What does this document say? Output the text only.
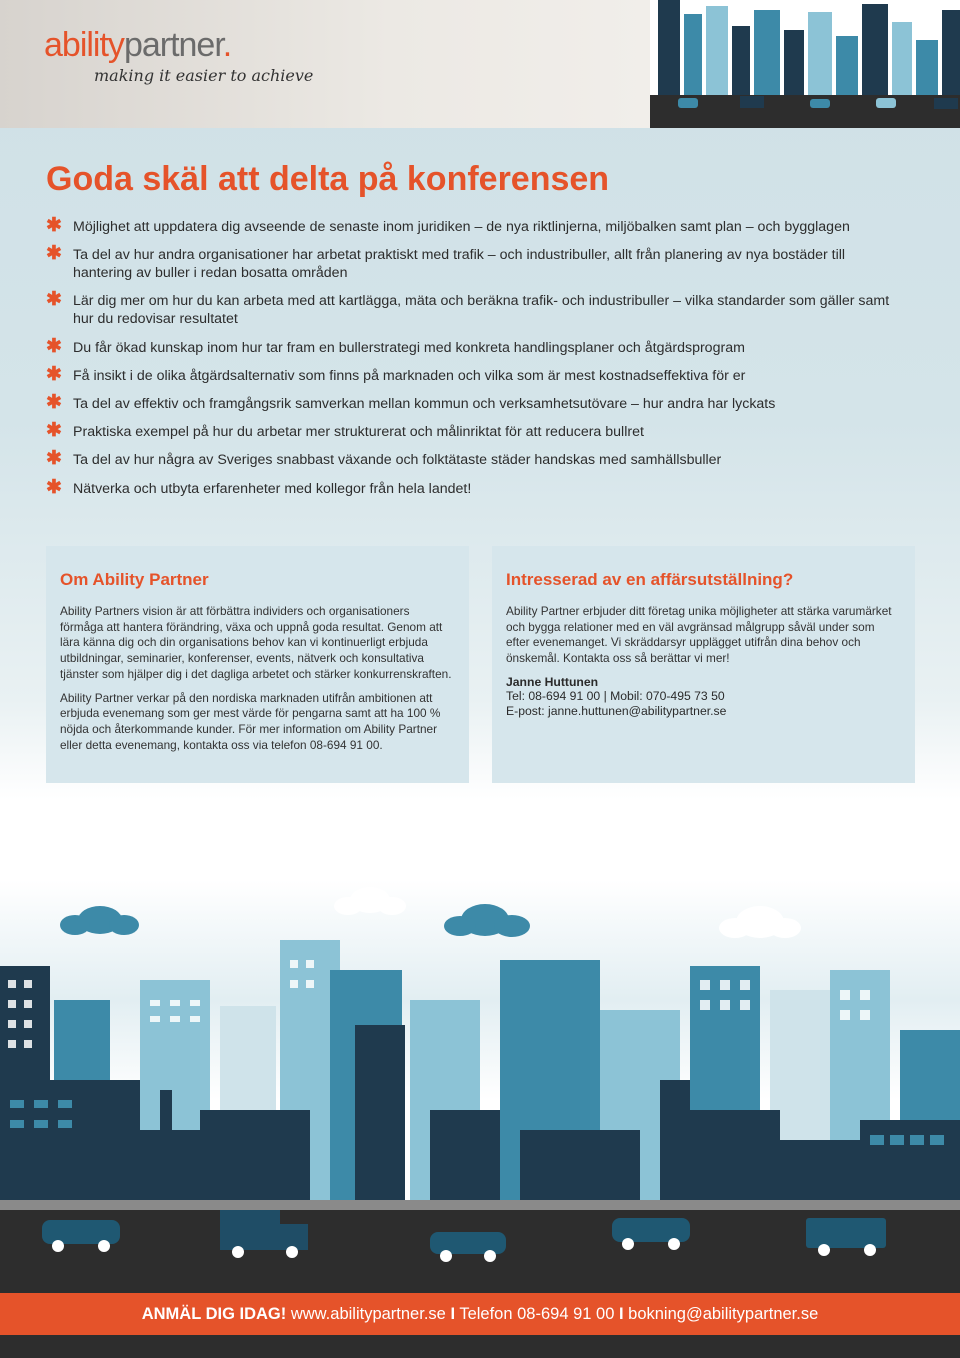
abilitypartner.
making it easier to achieve
Goda skäl att delta på konferensen
✱ Möjlighet att uppdatera dig avseende de senaste inom juridiken – de nya riktlinjerna, miljöbalken samt plan – och bygglagen
✱ Ta del av hur andra organisationer har arbetat praktiskt med trafik – och industribuller, allt från planering av nya bostäder till hantering av buller i redan bosatta områden
✱ Lär dig mer om hur du kan arbeta med att kartlägga, mäta och beräkna trafik- och industribuller – vilka standarder som gäller samt hur du redovisar resultatet
✱ Du får ökad kunskap inom hur tar fram en bullerstrategi med konkreta handlingsplaner och åtgärdsprogram
✱ Få insikt i de olika åtgärdsalternativ som finns på marknaden och vilka som är mest kostnadseffektiva för er
✱ Ta del av effektiv och framgångsrik samverkan mellan kommun och verksamhetsutövare – hur andra har lyckats
✱ Praktiska exempel på hur du arbetar mer strukturerat och målinriktat för att reducera bullret
✱ Ta del av hur några av Sveriges snabbast växande och folktätaste städer handskas med samhällsbuller
✱ Nätverka och utbyta erfarenheter med kollegor från hela landet!
Om Ability Partner

Ability Partners vision är att förbättra individers och organisationers förmåga att hantera förändring, växa och uppnå goda resultat. Genom att lära känna dig och din organisations behov kan vi kontinuerligt erbjuda utbildningar, seminarier, konferenser, events, nätverk och konsultativa tjänster som hjälper dig i det dagliga arbetet och stärker konkurrenskraften.

Ability Partner verkar på den nordiska marknaden utifrån ambitionen att erbjuda evenemang som ger mest värde för pengarna samt att ha 100 % nöjda och återkommande kunder. För mer information om Ability Partner eller detta evenemang, kontakta oss via telefon 08-694 91 00.

Intresserad av en affärsutställning?

Ability Partner erbjuder ditt företag unika möjligheter att stärka varumärket och bygga relationer med en väl avgränsad målgrupp såväl under som efter evenemanget. Vi skräddarsyr upplägget utifrån dina behov och önskemål. Kontakta oss så berättar vi mer!

Janne Huttunen
Tel: 08-694 91 00 | Mobil: 070-495 73 50
E-post: janne.huttunen@abilitypartner.se
ANMÄL DIG IDAG! www.abilitypartner.se I Telefon 08-694 91 00 I bokning@abilitypartner.se
